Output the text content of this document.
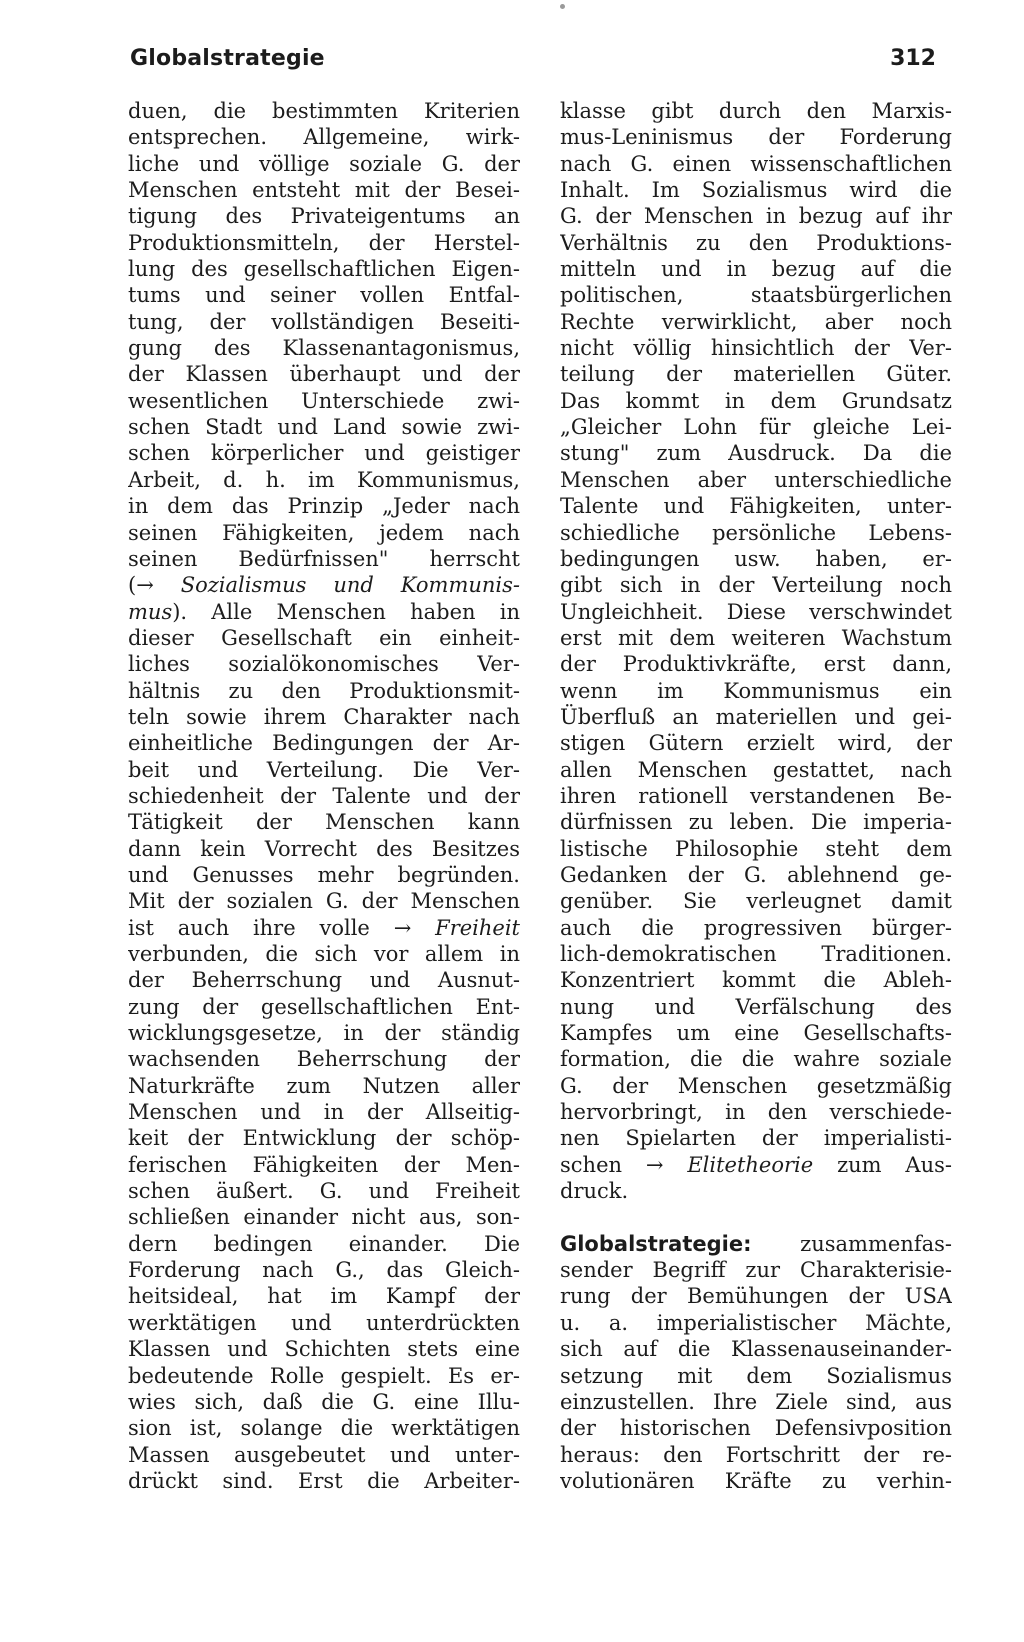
Globalstrategie	312
duen, die bestimmten Kriterien
entsprechen. Allgemeine, wirk-
liche und völlige soziale G. der
Menschen entsteht mit der Besei-
tigung des Privateigentums an
Produktionsmitteln, der Herstel-
lung des gesellschaftlichen Eigen-
tums und seiner vollen Entfal-
tung, der vollständigen Beseiti-
gung des Klassenantagonismus,
der Klassen überhaupt und der
wesentlichen Unterschiede zwi-
schen Stadt und Land sowie zwi-
schen körperlicher und geistiger
Arbeit, d. h. im Kommunismus,
in dem das Prinzip „Jeder nach
seinen Fähigkeiten, jedem nach
seinen Bedürfnissen" herrscht
(→ Sozialismus und Kommunis-
mus). Alle Menschen haben in
dieser Gesellschaft ein einheit-
liches sozialökonomisches Ver-
hältnis zu den Produktionsmit-
teln sowie ihrem Charakter nach
einheitliche Bedingungen der Ar-
beit und Verteilung. Die Ver-
schiedenheit der Talente und der
Tätigkeit der Menschen kann
dann kein Vorrecht des Besitzes
und Genusses mehr begründen.
Mit der sozialen G. der Menschen
ist auch ihre volle → Freiheit
verbunden, die sich vor allem in
der Beherrschung und Ausnut-
zung der gesellschaftlichen Ent-
wicklungsgesetze, in der ständig
wachsenden Beherrschung der
Naturkräfte zum Nutzen aller
Menschen und in der Allseitig-
keit der Entwicklung der schöp-
ferischen Fähigkeiten der Men-
schen äußert. G. und Freiheit
schließen einander nicht aus, son-
dern bedingen einander. Die
Forderung nach G., das Gleich-
heitsideal, hat im Kampf der
werktätigen und unterdrückten
Klassen und Schichten stets eine
bedeutende Rolle gespielt. Es er-
wies sich, daß die G. eine Illu-
sion ist, solange die werktätigen
Massen ausgebeutet und unter-
drückt sind. Erst die Arbeiter-
klasse gibt durch den Marxis-
mus-Leninismus der Forderung
nach G. einen wissenschaftlichen
Inhalt. Im Sozialismus wird die
G. der Menschen in bezug auf ihr
Verhältnis zu den Produktions-
mitteln und in bezug auf die
politischen, staatsbürgerlichen
Rechte verwirklicht, aber noch
nicht völlig hinsichtlich der Ver-
teilung der materiellen Güter.
Das kommt in dem Grundsatz
„Gleicher Lohn für gleiche Lei-
stung" zum Ausdruck. Da die
Menschen aber unterschiedliche
Talente und Fähigkeiten, unter-
schiedliche persönliche Lebens-
bedingungen usw. haben, er-
gibt sich in der Verteilung noch
Ungleichheit. Diese verschwindet
erst mit dem weiteren Wachstum
der Produktivkräfte, erst dann,
wenn im Kommunismus ein
Überfluß an materiellen und gei-
stigen Gütern erzielt wird, der
allen Menschen gestattet, nach
ihren rationell verstandenen Be-
dürfnissen zu leben. Die imperia-
listische Philosophie steht dem
Gedanken der G. ablehnend ge-
genüber. Sie verleugnet damit
auch die progressiven bürger-
lich-demokratischen Traditionen.
Konzentriert kommt die Ableh-
nung und Verfälschung des
Kampfes um eine Gesellschafts-
formation, die die wahre soziale
G. der Menschen gesetzmäßig
hervorbringt, in den verschiede-
nen Spielarten der imperialisti-
schen → Elitetheorie zum Aus-
druck.
Globalstrategie: zusammenfas-
sender Begriff zur Charakterisie-
rung der Bemühungen der USA
u. a. imperialistischer Mächte,
sich auf die Klassenauseinander-
setzung mit dem Sozialismus
einzustellen. Ihre Ziele sind, aus
der historischen Defensivposition
heraus: den Fortschritt der re-
volutionären Kräfte zu verhin-
